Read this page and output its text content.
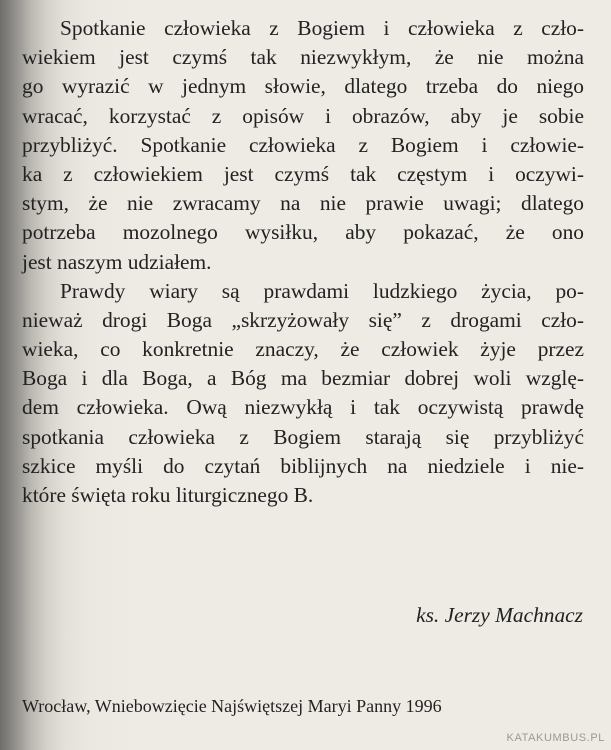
Spotkanie człowieka z Bogiem i człowieka z czło-
wiekiem jest czymś tak niezwykłym, że nie można
go wyrazić w jednym słowie, dlatego trzeba do niego
wracać, korzystać z opisów i obrazów, aby je sobie
przybliżyć. Spotkanie człowieka z Bogiem i człowie-
ka z człowiekiem jest czymś tak częstym i oczywi-
stym, że nie zwracamy na nie prawie uwagi; dlatego
potrzeba mozolnego wysiłku, aby pokazać, że ono
jest naszym udziałem.
Prawdy wiary są prawdami ludzkiego życia, po-
nieważ drogi Boga „skrzyżowały się” z drogami czło-
wieka, co konkretnie znaczy, że człowiek żyje przez
Boga i dla Boga, a Bóg ma bezmiar dobrej woli wzglę-
dem człowieka. Ową niezwykłą i tak oczywistą prawdę
spotkania człowieka z Bogiem starają się przybliżyć
szkice myśli do czytań biblijnych na niedziele i nie-
które święta roku liturgicznego B.
ks. Jerzy Machnacz
Wrocław, Wniebowzięcie Najświętszej Maryi Panny 1996
KATAKUMBUS.PL
